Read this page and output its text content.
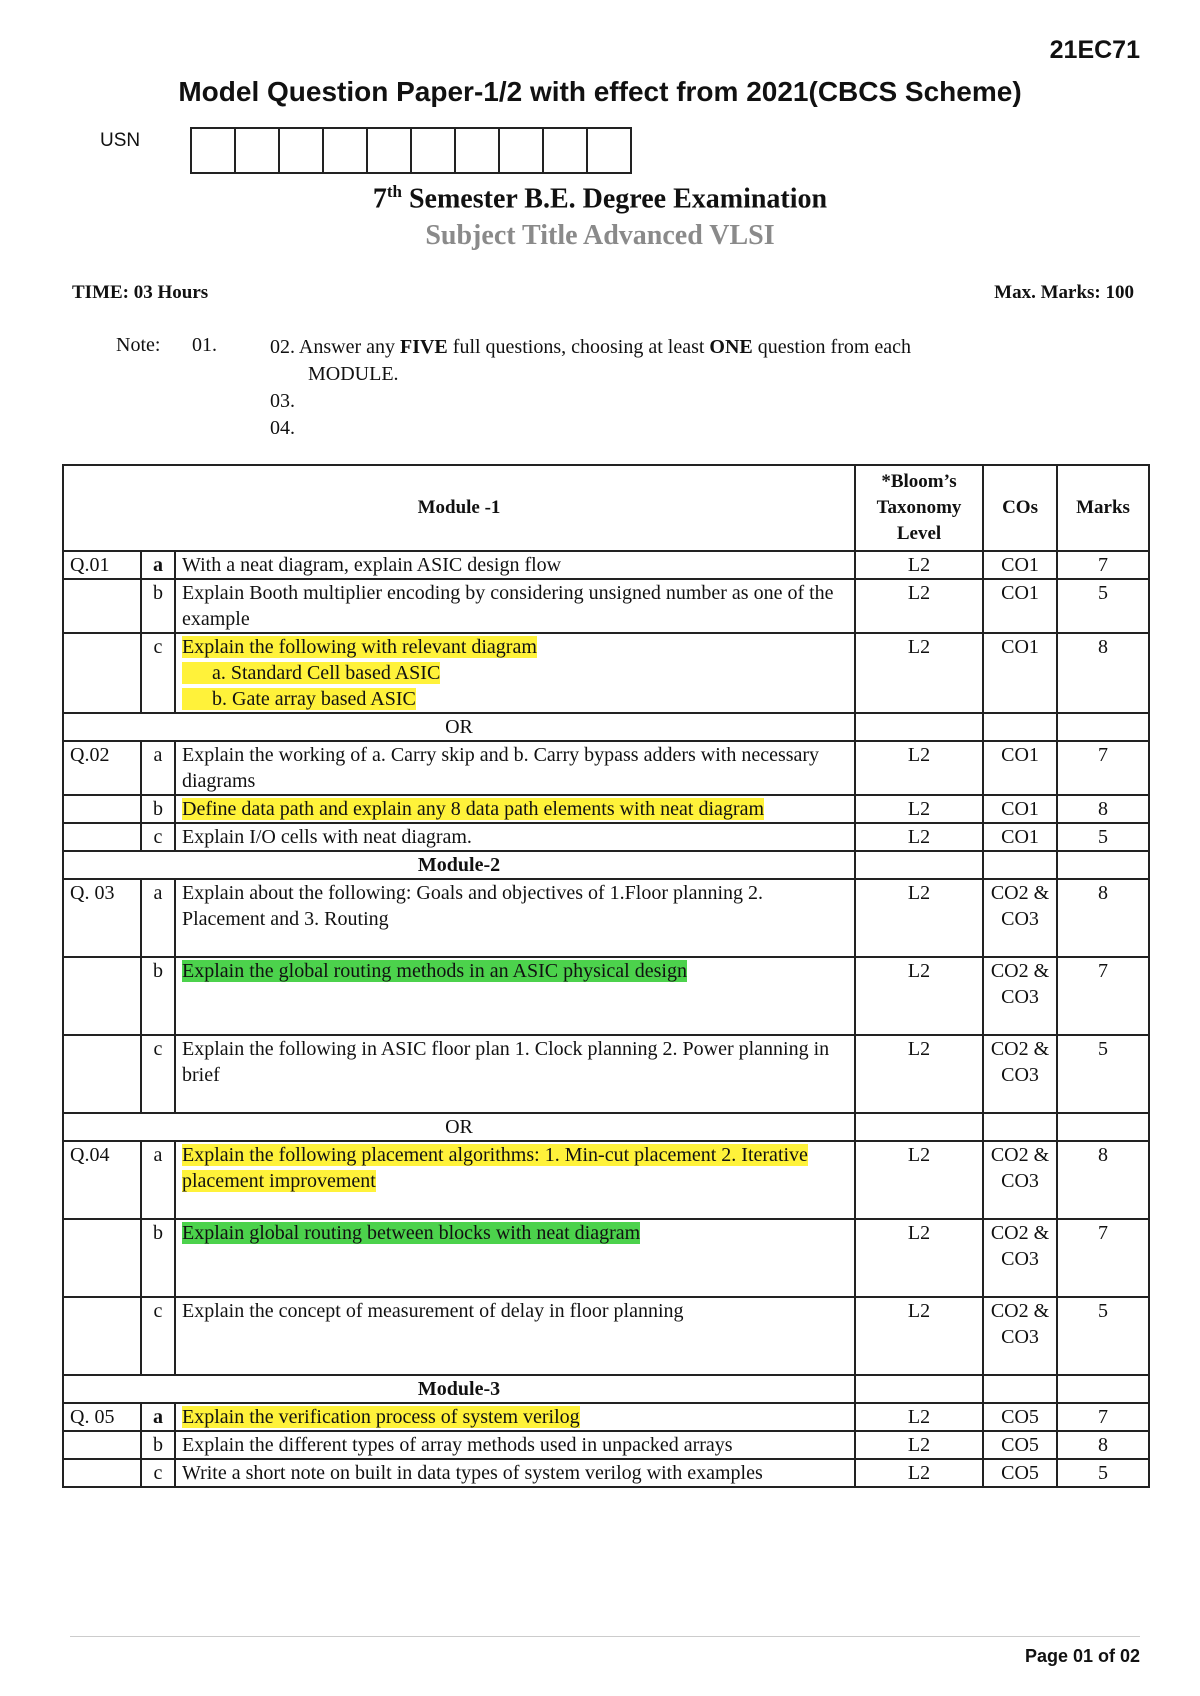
21EC71
Model Question Paper-1/2 with effect from 2021(CBCS Scheme)
USN
7th Semester B.E. Degree Examination
Subject Title Advanced VLSI
TIME: 03 Hours	Max. Marks: 100
Note: 01.	02. Answer any FIVE full questions, choosing at least ONE question from each
MODULE.
03.
04.
Module -1			*Bloom’s Taxonomy Level	COs	Marks
Q.01	a	With a neat diagram, explain ASIC design flow	L2	CO1	7
	b	Explain Booth multiplier encoding by considering unsigned number as one of the example	L2	CO1	5
	c	Explain the following with relevant diagram
a. Standard Cell based ASIC
b. Gate array based ASIC	L2	CO1	8
OR					
Q.02	a	Explain the working of a. Carry skip and b. Carry bypass adders with necessary diagrams	L2	CO1	7
	b	Define data path and explain any 8 data path elements with neat diagram	L2	CO1	8
	c	Explain I/O cells with neat diagram.	L2	CO1	5
Module-2					
Q. 03	a	Explain about the following: Goals and objectives of 1.Floor planning 2. Placement and 3. Routing	L2	CO2 & CO3	8
	b	Explain the global routing methods in an ASIC physical design	L2	CO2 & CO3	7
	c	Explain the following in ASIC floor plan 1. Clock planning 2. Power planning in brief	L2	CO2 & CO3	5
OR					
Q.04	a	Explain the following placement algorithms: 1. Min-cut placement 2. Iterative placement improvement	L2	CO2 & CO3	8
	b	Explain global routing between blocks with neat diagram	L2	CO2 & CO3	7
	c	Explain the concept of measurement of delay in floor planning	L2	CO2 & CO3	5
Module-3					
Q. 05	a	Explain the verification process of system verilog	L2	CO5	7
	b	Explain the different types of array methods used in unpacked arrays	L2	CO5	8
	c	Write a short note on built in data types of system verilog with examples	L2	CO5	5
Page 01 of 02
